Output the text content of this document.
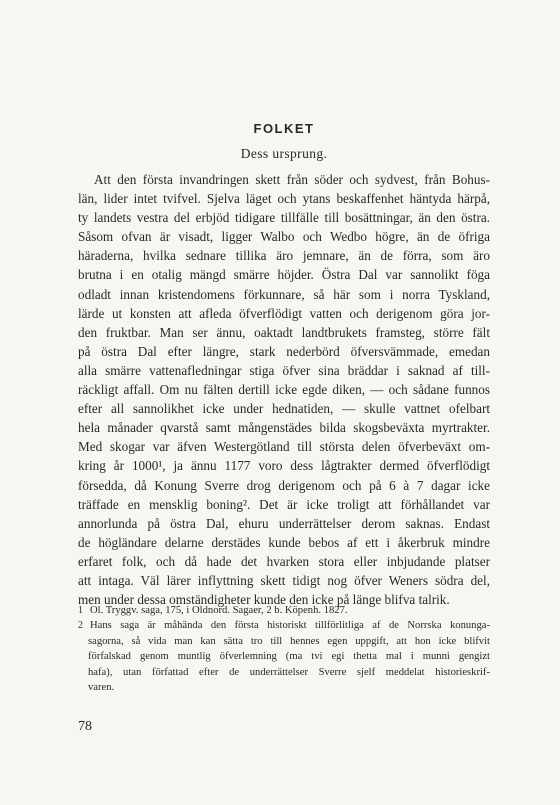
FOLKET
Dess ursprung.
Att den första invandringen skett från söder och sydvest, från Bohus-
län, lider intet tvifvel. Sjelva läget och ytans beskaffenhet häntyda härpå,
ty landets vestra del erbjöd tidigare tillfälle till bosättningar, än den östra.
Såsom ofvan är visadt, ligger Walbo och Wedbo högre, än de öfriga
häraderna, hvilka sednare tillika äro jemnare, än de förra, som äro
brutna i en otalig mängd smärre höjder. Östra Dal var sannolikt föga
odladt innan kristendomens förkunnare, så här som i norra Tyskland,
lärde ut konsten att afleda öfverflödigt vatten och derigenom göra jor-
den fruktbar. Man ser ännu, oaktadt landtbrukets framsteg, större fält
på östra Dal efter längre, stark nederbörd öfversvämmade, emedan
alla smärre vattenafledningar stiga öfver sina bräddar i saknad af till-
räckligt affall. Om nu fälten dertill icke egde diken, — och sådane funnos
efter all sannolikhet icke under hednatiden, — skulle vattnet ofelbart
hela månader qvarstå samt mångenstädes bilda skogsbeväxta myrtrakter.
Med skogar var äfven Westergötland till största delen öfverbeväxt om-
kring år 1000¹, ja ännu 1177 voro dess lågtrakter dermed öfverflödigt
försedda, då Konung Sverre drog derigenom och på 6 à 7 dagar icke
träffade en mensklig boning². Det är icke troligt att förhållandet var
annorlunda på östra Dal, ehuru underrättelser derom saknas. Endast
de högländare delarne derstädes kunde bebos af ett i åkerbruk mindre
erfaret folk, och då hade det hvarken stora eller inbjudande platser
att intaga. Väl lärer inflyttning skett tidigt nog öfver Weners södra del,
men under dessa omständigheter kunde den icke på länge blifva talrik.
1 Ol. Tryggv. saga, 175, i Oldnord. Sagaer, 2 b. Köpenh. 1827.
2 Hans saga är måhända den första historiskt tillförlitliga af de Norrska konunga-
sagorna, så vida man kan sätta tro till hennes egen uppgift, att hon icke blifvit
förfalskad genom muntlig öfverlemning (ma tvi egi thetta mal i munni gengizt
hafa), utan författad efter de underrättelser Sverre sjelf meddelat historieskrif-
varen.
78
